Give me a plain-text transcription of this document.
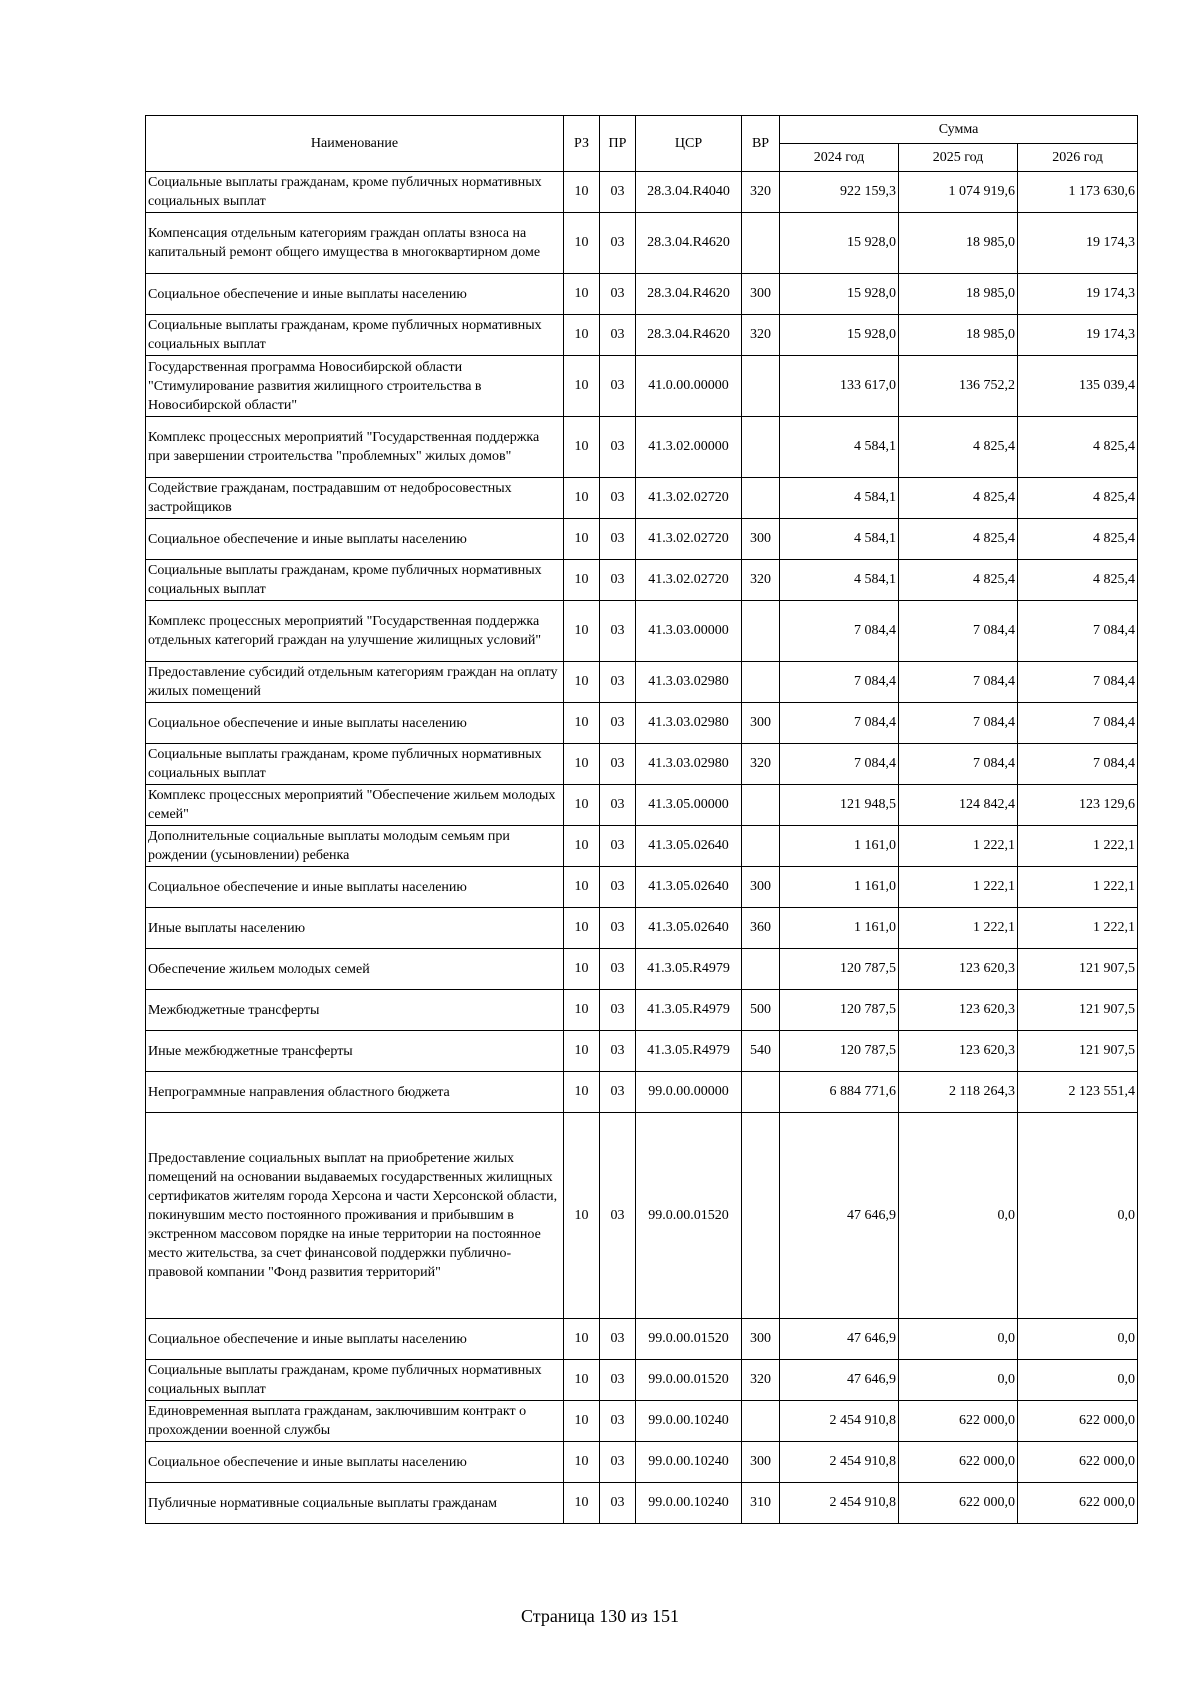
Наименование	РЗ	ПР	ЦСР	ВР	Сумма		
					2024 год	2025 год	2026 год
Социальные выплаты гражданам, кроме публичных нормативных социальных выплат	10	03	28.3.04.R4040	320	922 159,3	1 074 919,6	1 173 630,6
Компенсация отдельным категориям граждан оплаты взноса на капитальный ремонт общего имущества в многоквартирном доме	10	03	28.3.04.R4620		15 928,0	18 985,0	19 174,3
Социальное обеспечение и иные выплаты населению	10	03	28.3.04.R4620	300	15 928,0	18 985,0	19 174,3
Социальные выплаты гражданам, кроме публичных нормативных социальных выплат	10	03	28.3.04.R4620	320	15 928,0	18 985,0	19 174,3
Государственная программа Новосибирской области "Стимулирование развития жилищного строительства в Новосибирской области"	10	03	41.0.00.00000		133 617,0	136 752,2	135 039,4
Комплекс процессных мероприятий "Государственная поддержка при завершении строительства "проблемных" жилых домов"	10	03	41.3.02.00000		4 584,1	4 825,4	4 825,4
Содействие гражданам, пострадавшим от недобросовестных застройщиков	10	03	41.3.02.02720		4 584,1	4 825,4	4 825,4
Социальное обеспечение и иные выплаты населению	10	03	41.3.02.02720	300	4 584,1	4 825,4	4 825,4
Социальные выплаты гражданам, кроме публичных нормативных социальных выплат	10	03	41.3.02.02720	320	4 584,1	4 825,4	4 825,4
Комплекс процессных мероприятий "Государственная поддержка отдельных категорий граждан на улучшение жилищных условий"	10	03	41.3.03.00000		7 084,4	7 084,4	7 084,4
Предоставление субсидий отдельным категориям граждан на оплату жилых помещений	10	03	41.3.03.02980		7 084,4	7 084,4	7 084,4
Социальное обеспечение и иные выплаты населению	10	03	41.3.03.02980	300	7 084,4	7 084,4	7 084,4
Социальные выплаты гражданам, кроме публичных нормативных социальных выплат	10	03	41.3.03.02980	320	7 084,4	7 084,4	7 084,4
Комплекс процессных мероприятий "Обеспечение жильем молодых семей"	10	03	41.3.05.00000		121 948,5	124 842,4	123 129,6
Дополнительные социальные выплаты молодым семьям при рождении (усыновлении) ребенка	10	03	41.3.05.02640		1 161,0	1 222,1	1 222,1
Социальное обеспечение и иные выплаты населению	10	03	41.3.05.02640	300	1 161,0	1 222,1	1 222,1
Иные выплаты населению	10	03	41.3.05.02640	360	1 161,0	1 222,1	1 222,1
Обеспечение жильем молодых семей	10	03	41.3.05.R4979		120 787,5	123 620,3	121 907,5
Межбюджетные трансферты	10	03	41.3.05.R4979	500	120 787,5	123 620,3	121 907,5
Иные межбюджетные трансферты	10	03	41.3.05.R4979	540	120 787,5	123 620,3	121 907,5
Непрограммные направления областного бюджета	10	03	99.0.00.00000		6 884 771,6	2 118 264,3	2 123 551,4
Предоставление социальных выплат на приобретение жилых помещений на основании выдаваемых государственных жилищных сертификатов жителям города Херсона и части Херсонской области, покинувшим место постоянного проживания и прибывшим в экстренном массовом порядке на иные территории на постоянное место жительства, за счет финансовой поддержки публично-правовой компании "Фонд развития территорий"	10	03	99.0.00.01520		47 646,9	0,0	0,0
Социальное обеспечение и иные выплаты населению	10	03	99.0.00.01520	300	47 646,9	0,0	0,0
Социальные выплаты гражданам, кроме публичных нормативных социальных выплат	10	03	99.0.00.01520	320	47 646,9	0,0	0,0
Единовременная выплата гражданам, заключившим контракт о прохождении военной службы	10	03	99.0.00.10240		2 454 910,8	622 000,0	622 000,0
Социальное обеспечение и иные выплаты населению	10	03	99.0.00.10240	300	2 454 910,8	622 000,0	622 000,0
Публичные нормативные социальные выплаты гражданам	10	03	99.0.00.10240	310	2 454 910,8	622 000,0	622 000,0
Страница 130 из 151
